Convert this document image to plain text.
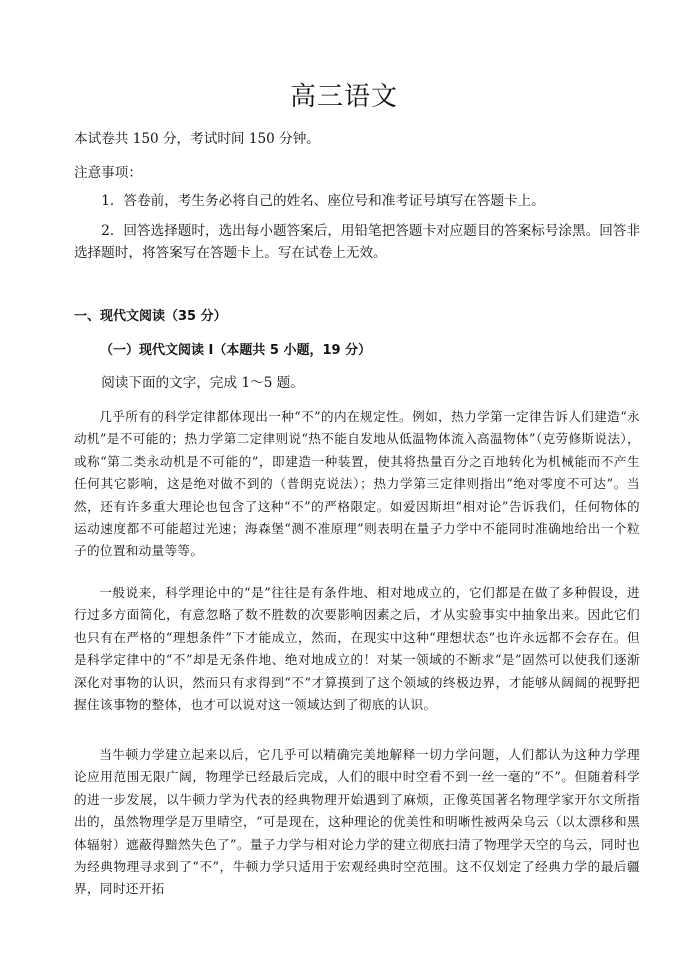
高三语文

本试卷共 150 分，考试时间 150 分钟。

注意事项：

1．答卷前，考生务必将自己的姓名、座位号和准考证号填写在答题卡上。

2．回答选择题时，选出每小题答案后，用铅笔把答题卡对应题目的答案标号涂黑。回答非选择题时，将答案写在答题卡上。写在试卷上无效。

一、现代文阅读（35 分）

（一）现代文阅读 I（本题共 5 小题，19 分）

阅读下面的文字，完成 1～5 题。

几乎所有的科学定律都体现出一种“不”的内在规定性。例如，热力学第一定律告诉人们建造“永动机”是不可能的；热力学第二定律则说“热不能自发地从低温物体流入高温物体”（克劳修斯说法），或称“第二类永动机是不可能的”，即建造一种装置，使其将热量百分之百地转化为机械能而不产生任何其它影响，这是绝对做不到的（普朗克说法）；热力学第三定律则指出“绝对零度不可达”。当然，还有许多重大理论也包含了这种“不”的严格限定。如爱因斯坦“相对论”告诉我们，任何物体的运动速度都不可能超过光速；海森堡“测不准原理”则表明在量子力学中不能同时准确地给出一个粒子的位置和动量等等。

一般说来，科学理论中的“是”往往是有条件地、相对地成立的，它们都是在做了多种假设，进行过多方面简化，有意忽略了数不胜数的次要影响因素之后，才从实验事实中抽象出来。因此它们也只有在严格的“理想条件”下才能成立，然而，在现实中这种“理想状态”也许永远都不会存在。但是科学定律中的“不”却是无条件地、绝对地成立的！对某一领域的不断求“是”固然可以使我们逐渐深化对事物的认识，然而只有求得到“不”才算摸到了这个领域的终极边界，才能够从阔阔的视野把握住该事物的整体，也才可以说对这一领域达到了彻底的认识。

当牛顿力学建立起来以后，它几乎可以精确完美地解释一切力学问题，人们都认为这种力学理论应用范围无限广阔，物理学已经最后完成，人们的眼中时空看不到一丝一毫的“不”。但随着科学的进一步发展，以牛顿力学为代表的经典物理开始遇到了麻烦，正像英国著名物理学家开尔文所指出的，虽然物理学是万里晴空，“可是现在，这种理论的优美性和明晰性被两朵乌云（以太漂移和黑体辐射）遮蔽得黯然失色了”。量子力学与相对论力学的建立彻底扫清了物理学天空的乌云，同时也为经典物理寻求到了“不”，牛顿力学只适用于宏观经典时空范围。这不仅划定了经典力学的最后疆界，同时还开拓
